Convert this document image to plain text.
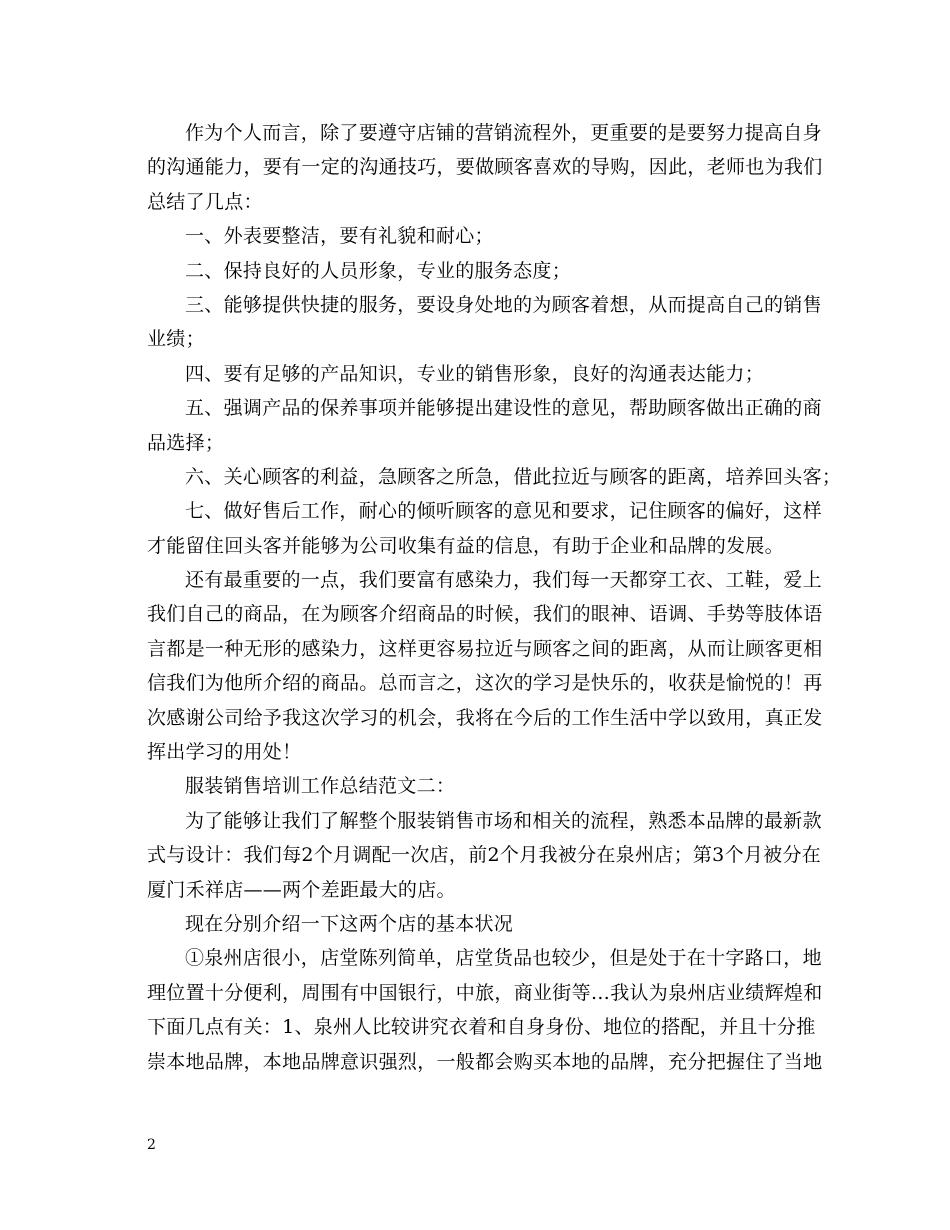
作为个人而言，除了要遵守店铺的营销流程外，更重要的是要努力提高自身
的沟通能力，要有一定的沟通技巧，要做顾客喜欢的导购，因此，老师也为我们
总结了几点：
一、外表要整洁，要有礼貌和耐心；
二、保持良好的人员形象，专业的服务态度；
三、能够提供快捷的服务，要设身处地的为顾客着想，从而提高自己的销售
业绩；
四、要有足够的产品知识，专业的销售形象，良好的沟通表达能力；
五、强调产品的保养事项并能够提出建设性的意见，帮助顾客做出正确的商
品选择；
六、关心顾客的利益，急顾客之所急，借此拉近与顾客的距离，培养回头客；
七、做好售后工作，耐心的倾听顾客的意见和要求，记住顾客的偏好，这样
才能留住回头客并能够为公司收集有益的信息，有助于企业和品牌的发展。
还有最重要的一点，我们要富有感染力，我们每一天都穿工衣、工鞋，爱上
我们自己的商品，在为顾客介绍商品的时候，我们的眼神、语调、手势等肢体语
言都是一种无形的感染力，这样更容易拉近与顾客之间的距离，从而让顾客更相
信我们为他所介绍的商品。总而言之，这次的学习是快乐的，收获是愉悦的！再
次感谢公司给予我这次学习的机会，我将在今后的工作生活中学以致用，真正发
挥出学习的用处！
服装销售培训工作总结范文二：
为了能够让我们了解整个服装销售市场和相关的流程，熟悉本品牌的最新款
式与设计：我们每2个月调配一次店，前2个月我被分在泉州店；第3个月被分在
厦门禾祥店——两个差距最大的店。
现在分别介绍一下这两个店的基本状况
①泉州店很小，店堂陈列简单，店堂货品也较少，但是处于在十字路口，地
理位置十分便利，周围有中国银行，中旅，商业街等…我认为泉州店业绩辉煌和
下面几点有关：1、泉州人比较讲究衣着和自身身份、地位的搭配，并且十分推
崇本地品牌，本地品牌意识强烈，一般都会购买本地的品牌，充分把握住了当地
2
